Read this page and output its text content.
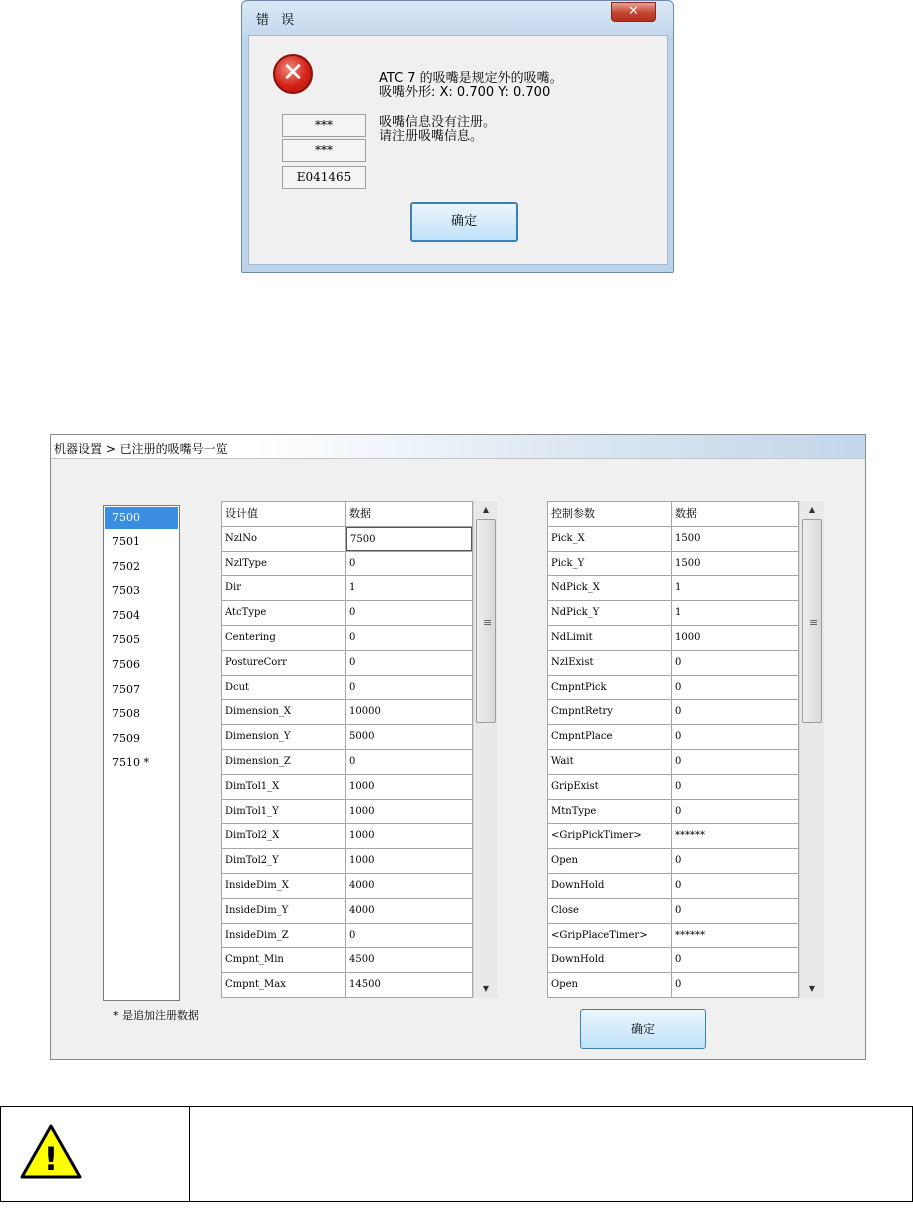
错 误
✕
✕
***
***
E041465
ATC 7 的吸嘴是规定外的吸嘴。
吸嘴外形: X: 0.700 Y: 0.700
吸嘴信息没有注册。
请注册吸嘴信息。
确定
机器设置 > 已注册的吸嘴号一览
7500
7501
7502
7503
7504
7505
7506
7507
7508
7509
7510 *
* 是追加注册数据
设计值	数据
NzlNo	7500
NzlType	0
Dir	1
AtcType	0
Centering	0
PostureCorr	0
Dcut	0
Dimension_X	10000
Dimension_Y	5000
Dimension_Z	0
DimTol1_X	1000
DimTol1_Y	1000
DimTol2_X	1000
DimTol2_Y	1000
InsideDim_X	4000
InsideDim_Y	4000
InsideDim_Z	0
Cmpnt_Min	4500
Cmpnt_Max	14500
▲
≡
▼
控制参数	数据
Pick_X	1500
Pick_Y	1500
NdPick_X	1
NdPick_Y	1
NdLimit	1000
NzlExist	0
CmpntPick	0
CmpntRetry	0
CmpntPlace	0
Wait	0
GripExist	0
MtnType	0
<GripPickTimer>	******
Open	0
DownHold	0
Close	0
<GripPlaceTimer>	******
DownHold	0
Open	0
▲
≡
▼
确定
!
